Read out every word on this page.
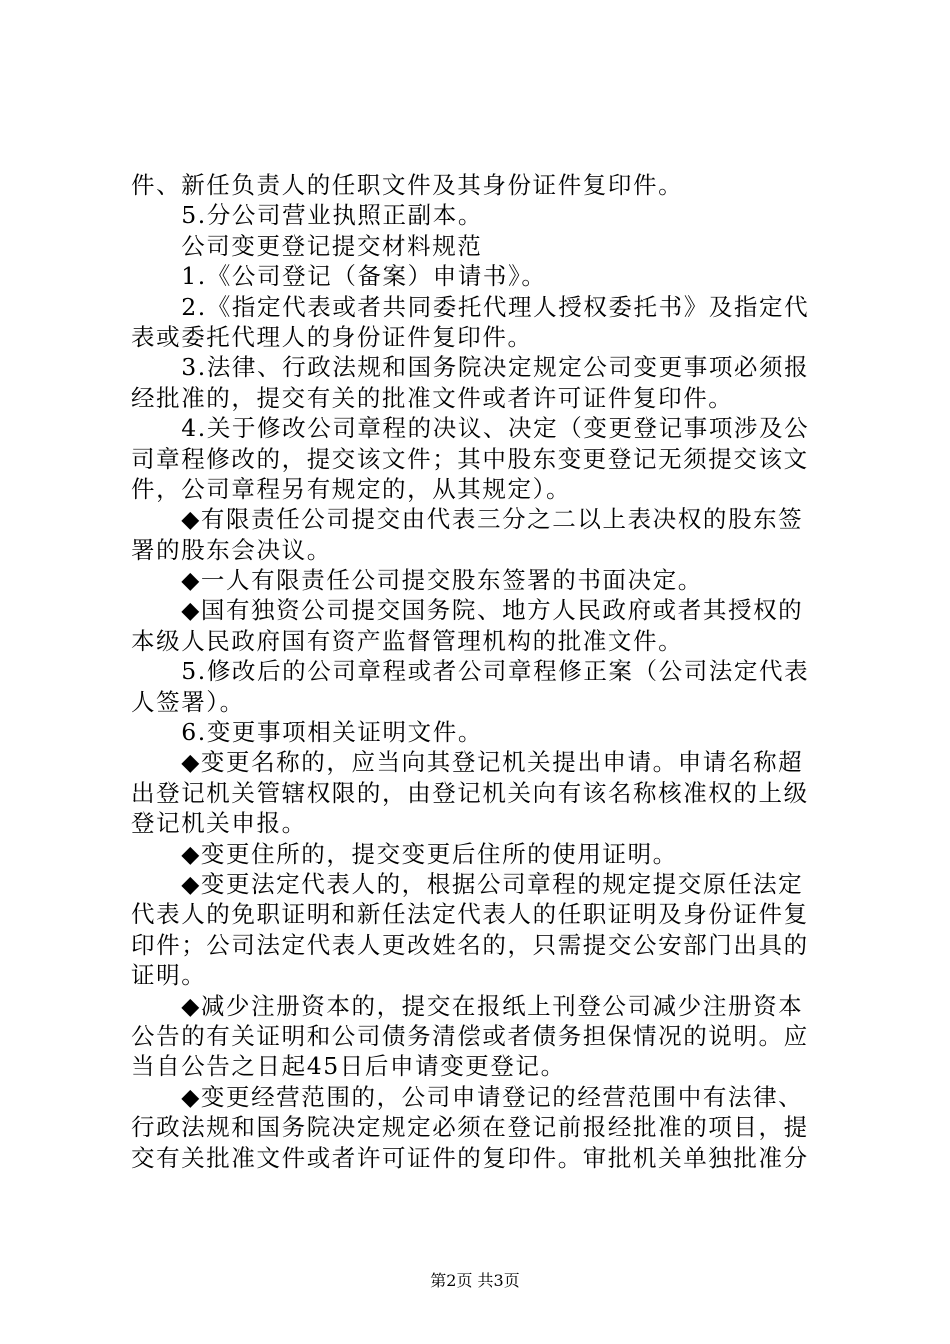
件、新任负责人的任职文件及其身份证件复印件。
　　5.分公司营业执照正副本。
　　公司变更登记提交材料规范
　　1.《公司登记（备案）申请书》。
　　2.《指定代表或者共同委托代理人授权委托书》及指定代
表或委托代理人的身份证件复印件。
　　3.法律、行政法规和国务院决定规定公司变更事项必须报
经批准的，提交有关的批准文件或者许可证件复印件。
　　4.关于修改公司章程的决议、决定（变更登记事项涉及公
司章程修改的，提交该文件；其中股东变更登记无须提交该文
件，公司章程另有规定的，从其规定）。
　　◆有限责任公司提交由代表三分之二以上表决权的股东签
署的股东会决议。
　　◆一人有限责任公司提交股东签署的书面决定。
　　◆国有独资公司提交国务院、地方人民政府或者其授权的
本级人民政府国有资产监督管理机构的批准文件。
　　5.修改后的公司章程或者公司章程修正案（公司法定代表
人签署）。
　　6.变更事项相关证明文件。
　　◆变更名称的，应当向其登记机关提出申请。申请名称超
出登记机关管辖权限的，由登记机关向有该名称核准权的上级
登记机关申报。
　　◆变更住所的，提交变更后住所的使用证明。
　　◆变更法定代表人的，根据公司章程的规定提交原任法定
代表人的免职证明和新任法定代表人的任职证明及身份证件复
印件；公司法定代表人更改姓名的，只需提交公安部门出具的
证明。
　　◆减少注册资本的，提交在报纸上刊登公司减少注册资本
公告的有关证明和公司债务清偿或者债务担保情况的说明。应
当自公告之日起45日后申请变更登记。
　　◆变更经营范围的，公司申请登记的经营范围中有法律、
行政法规和国务院决定规定必须在登记前报经批准的项目，提
交有关批准文件或者许可证件的复印件。审批机关单独批准分
第2页 共3页
